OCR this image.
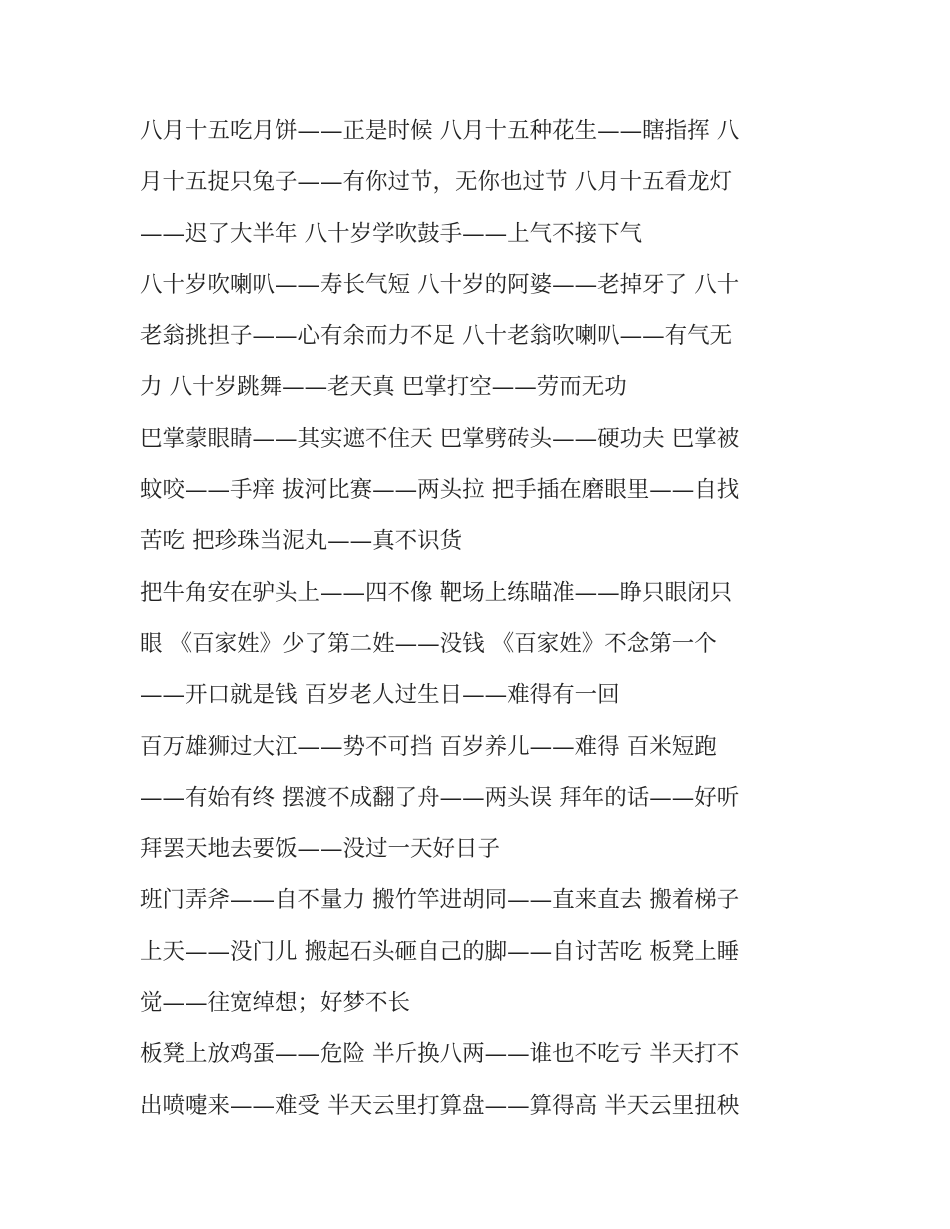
八月十五吃月饼——正是时候 八月十五种花生——瞎指挥 八
月十五捉只兔子——有你过节，无你也过节 八月十五看龙灯
——迟了大半年 八十岁学吹鼓手——上气不接下气
八十岁吹喇叭——寿长气短 八十岁的阿婆——老掉牙了 八十
老翁挑担子——心有余而力不足 八十老翁吹喇叭——有气无
力 八十岁跳舞——老天真 巴掌打空——劳而无功
巴掌蒙眼睛——其实遮不住天 巴掌劈砖头——硬功夫 巴掌被
蚊咬——手痒 拔河比赛——两头拉 把手插在磨眼里——自找
苦吃 把珍珠当泥丸——真不识货
把牛角安在驴头上——四不像 靶场上练瞄准——睁只眼闭只
眼 《百家姓》少了第二姓——没钱 《百家姓》不念第一个
——开口就是钱 百岁老人过生日——难得有一回
百万雄狮过大江——势不可挡 百岁养儿——难得 百米短跑
——有始有终 摆渡不成翻了舟——两头误 拜年的话——好听
拜罢天地去要饭——没过一天好日子
班门弄斧——自不量力 搬竹竿进胡同——直来直去 搬着梯子
上天——没门儿 搬起石头砸自己的脚——自讨苦吃 板凳上睡
觉——往宽绰想；好梦不长
板凳上放鸡蛋——危险 半斤换八两——谁也不吃亏 半天打不
出喷嚏来——难受 半天云里打算盘——算得高 半天云里扭秧
